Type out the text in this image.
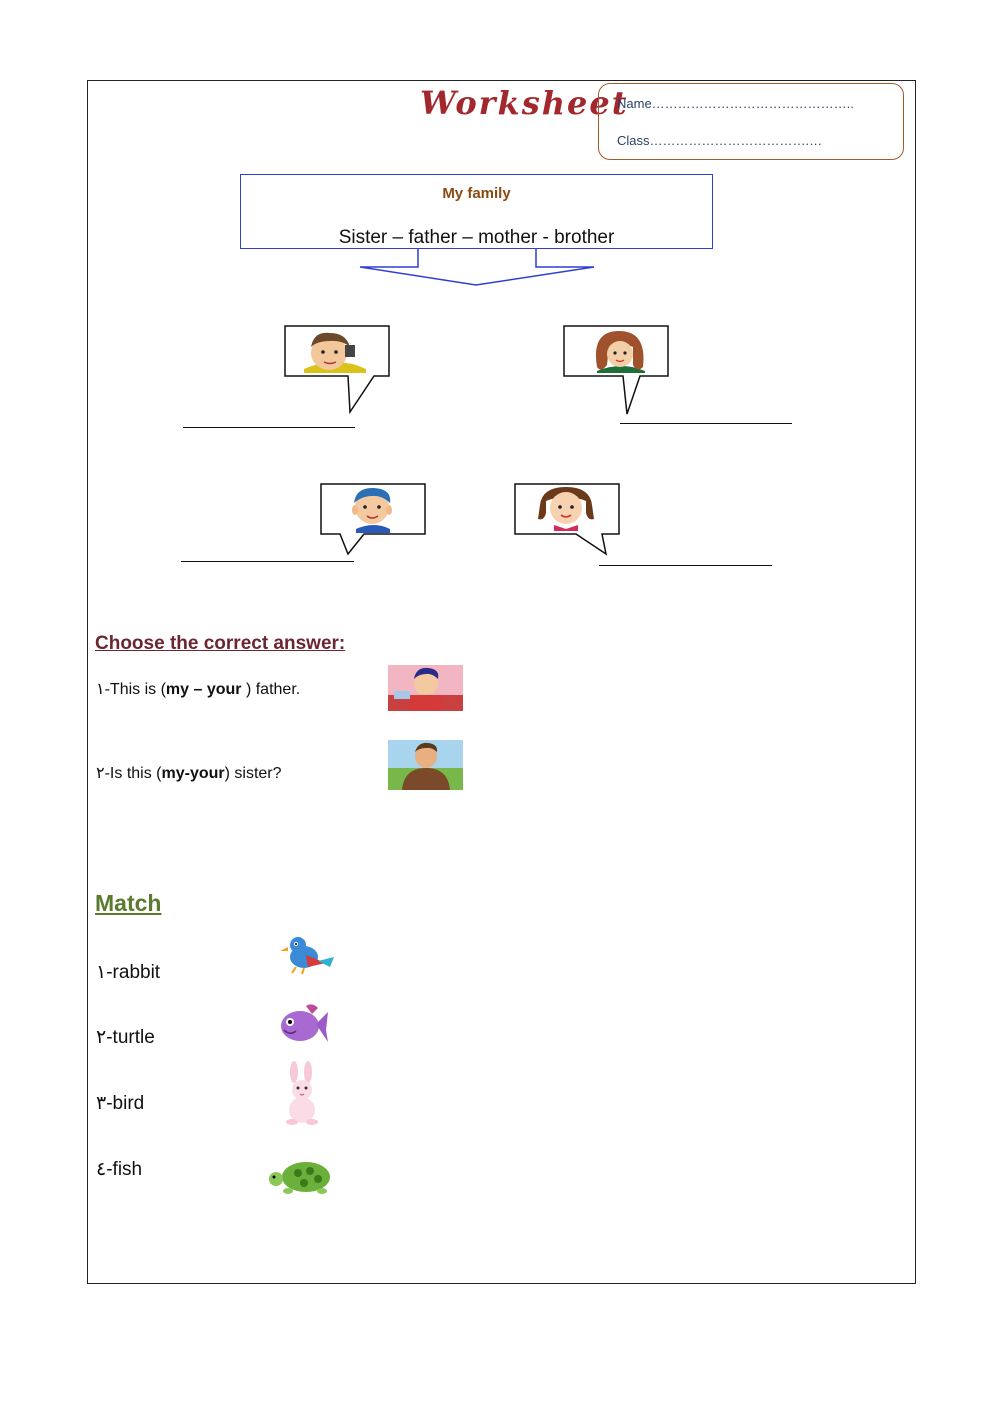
Worksheet
Name………………………………………..
Class……………………………….…
My family
Sister – father – mother - brother
Choose the correct answer:
١-This is (my – your ) father.
٢-Is this (my-your) sister?
Match
١-rabbit
٢-turtle
٣-bird
٤-fish
